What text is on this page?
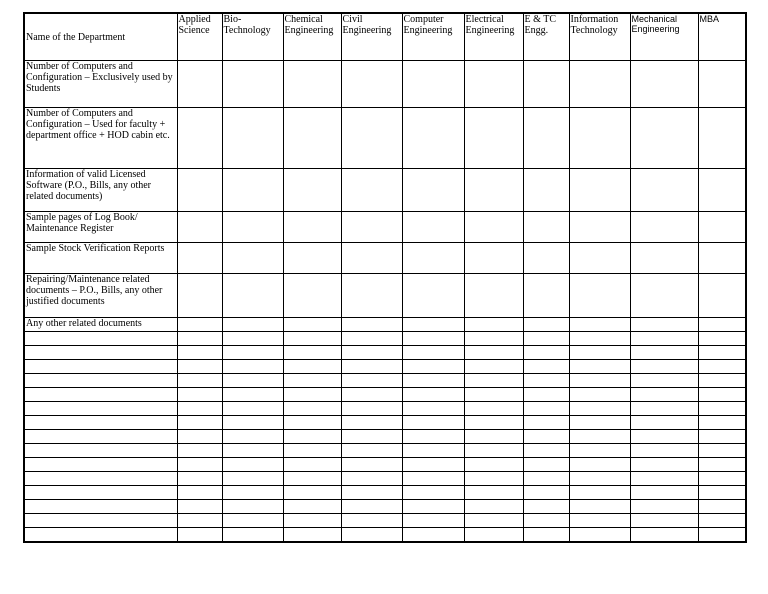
Name of the Department	Applied Science	Bio-Technology	Chemical Engineering	Civil Engineering	Computer Engineering	Electrical Engineering	E & TC Engg.	Information Technology	Mechanical Engineering	MBA
Number of Computers and Configuration – Exclusively used by Students										
Number of Computers and Configuration – Used for faculty + department office + HOD cabin etc.										
Information of valid Licensed Software (P.O., Bills, any other related documents)										
Sample pages of Log Book/ Maintenance Register										
Sample Stock Verification Reports										
Repairing/Maintenance related documents – P.O., Bills, any other justified documents										
Any other related documents										
